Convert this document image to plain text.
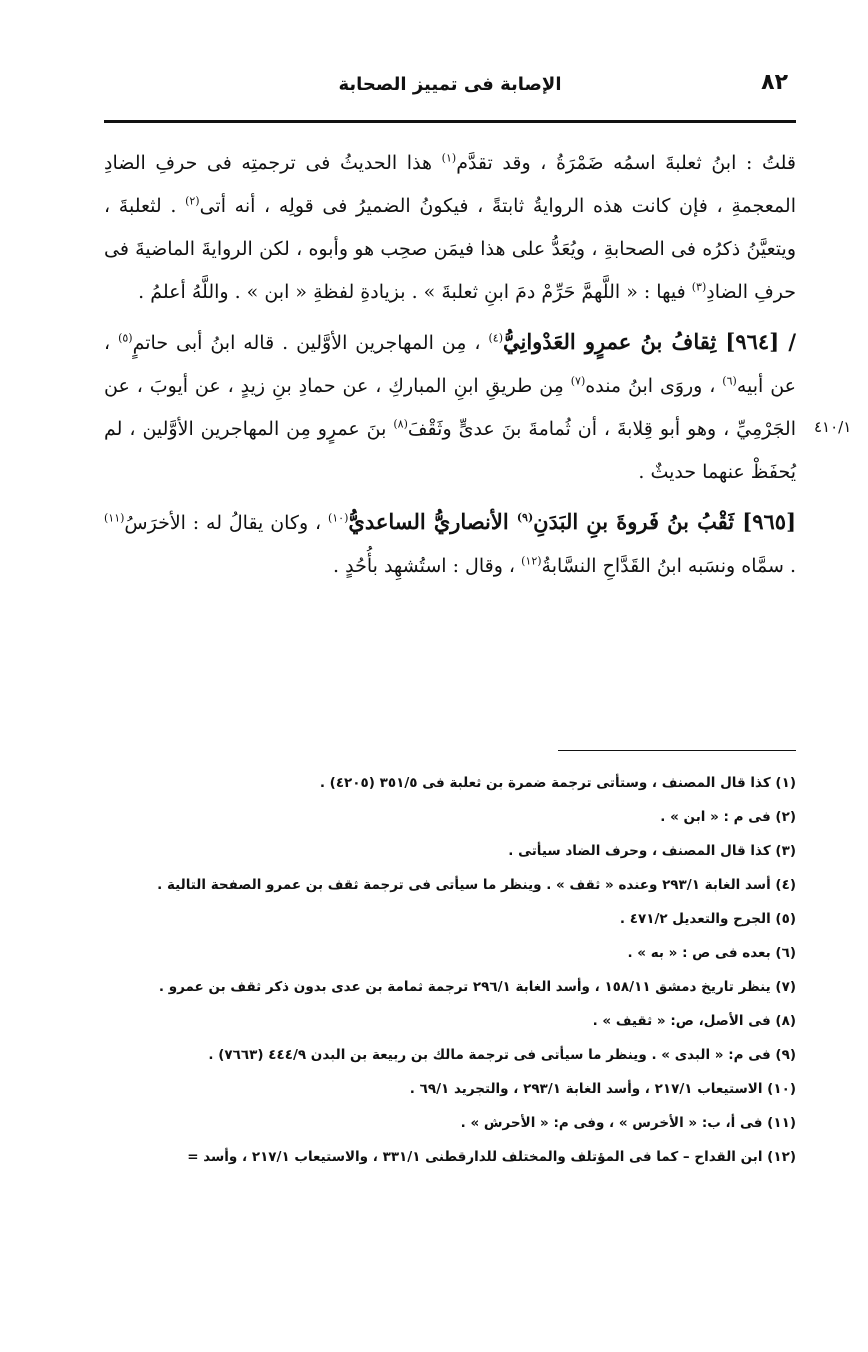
٨٢
الإصابة فى تمييز الصحابة
٤١٠/١

قلتُ : ابنُ ثعلبةَ اسمُه ضَمْرَةُ ، وقد تقدَّم$^{(١)}$ هذا الحديثُ فى ترجمتِه فى حرفِ الضادِ المعجمةِ ، فإن كانت هذه الروايةُ ثابتةً ، فيكونُ الضميرُ فى قولِه ، أنه أتى$^{(٢)}$ . لثعلبةَ ، ويتعيَّنُ ذكرُه فى الصحابةِ ، ويُعَدُّ على هذا فيمَن صحِب هو وأبوه ، لكن الروايةَ الماضيةَ فى حرفِ الضادِ$^{(٣)}$ فيها : « اللَّهمَّ حَرِّمْ دمَ ابنِ ثعلبةَ » . بزيادةِ لفظةِ « ابن » . واللَّهُ أعلمُ .

/ [٩٦٤] ثِقافُ بنُ عمرٍو العَدْوانِيُّ$^{(٤)}$ ، مِن المهاجرين الأوَّلين . قاله ابنُ أبى حاتمٍ$^{(٥)}$ ، عن أبيه$^{(٦)}$ ، وروَى ابنُ منده$^{(٧)}$ مِن طريقِ ابنِ المباركِ ، عن حمادِ بنِ زيدٍ ، عن أيوبَ ، عن الجَرْمِيِّ ، وهو أبو قِلابةَ ، أن ثُمامةَ بنَ عدىٍّ وثَقْفَ$^{(٨)}$ بنَ عمرٍو مِن المهاجرين الأوَّلين ، لم يُحفَظْ عنهما حديثٌ .

[٩٦٥] ثَقْبُ بنُ فَروةَ بنِ البَدَنِ$^{(٩)}$ الأنصاريُّ الساعديُّ$^{(١٠)}$ ، وكان يقالُ له : الأخرَسُ$^{(١١)}$ . سمَّاه ونسَبه ابنُ القَدَّاحِ النسَّابةُ$^{(١٢)}$ ، وقال : استُشهِد بأُحُدٍ .

(١) كذا قال المصنف ، وستأتى ترجمة ضمرة بن ثعلبة فى ٣٥١/٥ (٤٢٠٥) .

(٢) فى م : « ابن » .

(٣) كذا قال المصنف ، وحرف الضاد سيأتى .

(٤) أسد الغابة ٢٩٣/١ وعنده « ثقف » . وينظر ما سيأتى فى ترجمة ثقف بن عمرو الصفحة التالية .

(٥) الجرح والتعديل ٤٧١/٢ .

(٦) بعده فى ص : « به » .

(٧) ينظر تاريخ دمشق ١٥٨/١١ ، وأسد الغابة ٢٩٦/١ ترجمة ثمامة بن عدى بدون ذكر ثقف بن عمرو .

(٨) فى الأصل، ص: « ثقيف » .

(٩) فى م: « البدى » . وينظر ما سيأتى فى ترجمة مالك بن ربيعة بن البدن ٤٤٤/٩ (٧٦٦٣) .

(١٠) الاستيعاب ٢١٧/١ ، وأسد الغابة ٢٩٣/١ ، والتجريد ٦٩/١ .

(١١) فى أ، ب: « الأخرس » ، وفى م: « الأحرش » .

(١٢) ابن القداح – كما فى المؤتلف والمختلف للدارقطنى ٣٣١/١ ، والاستيعاب ٢١٧/١ ، وأسد =
